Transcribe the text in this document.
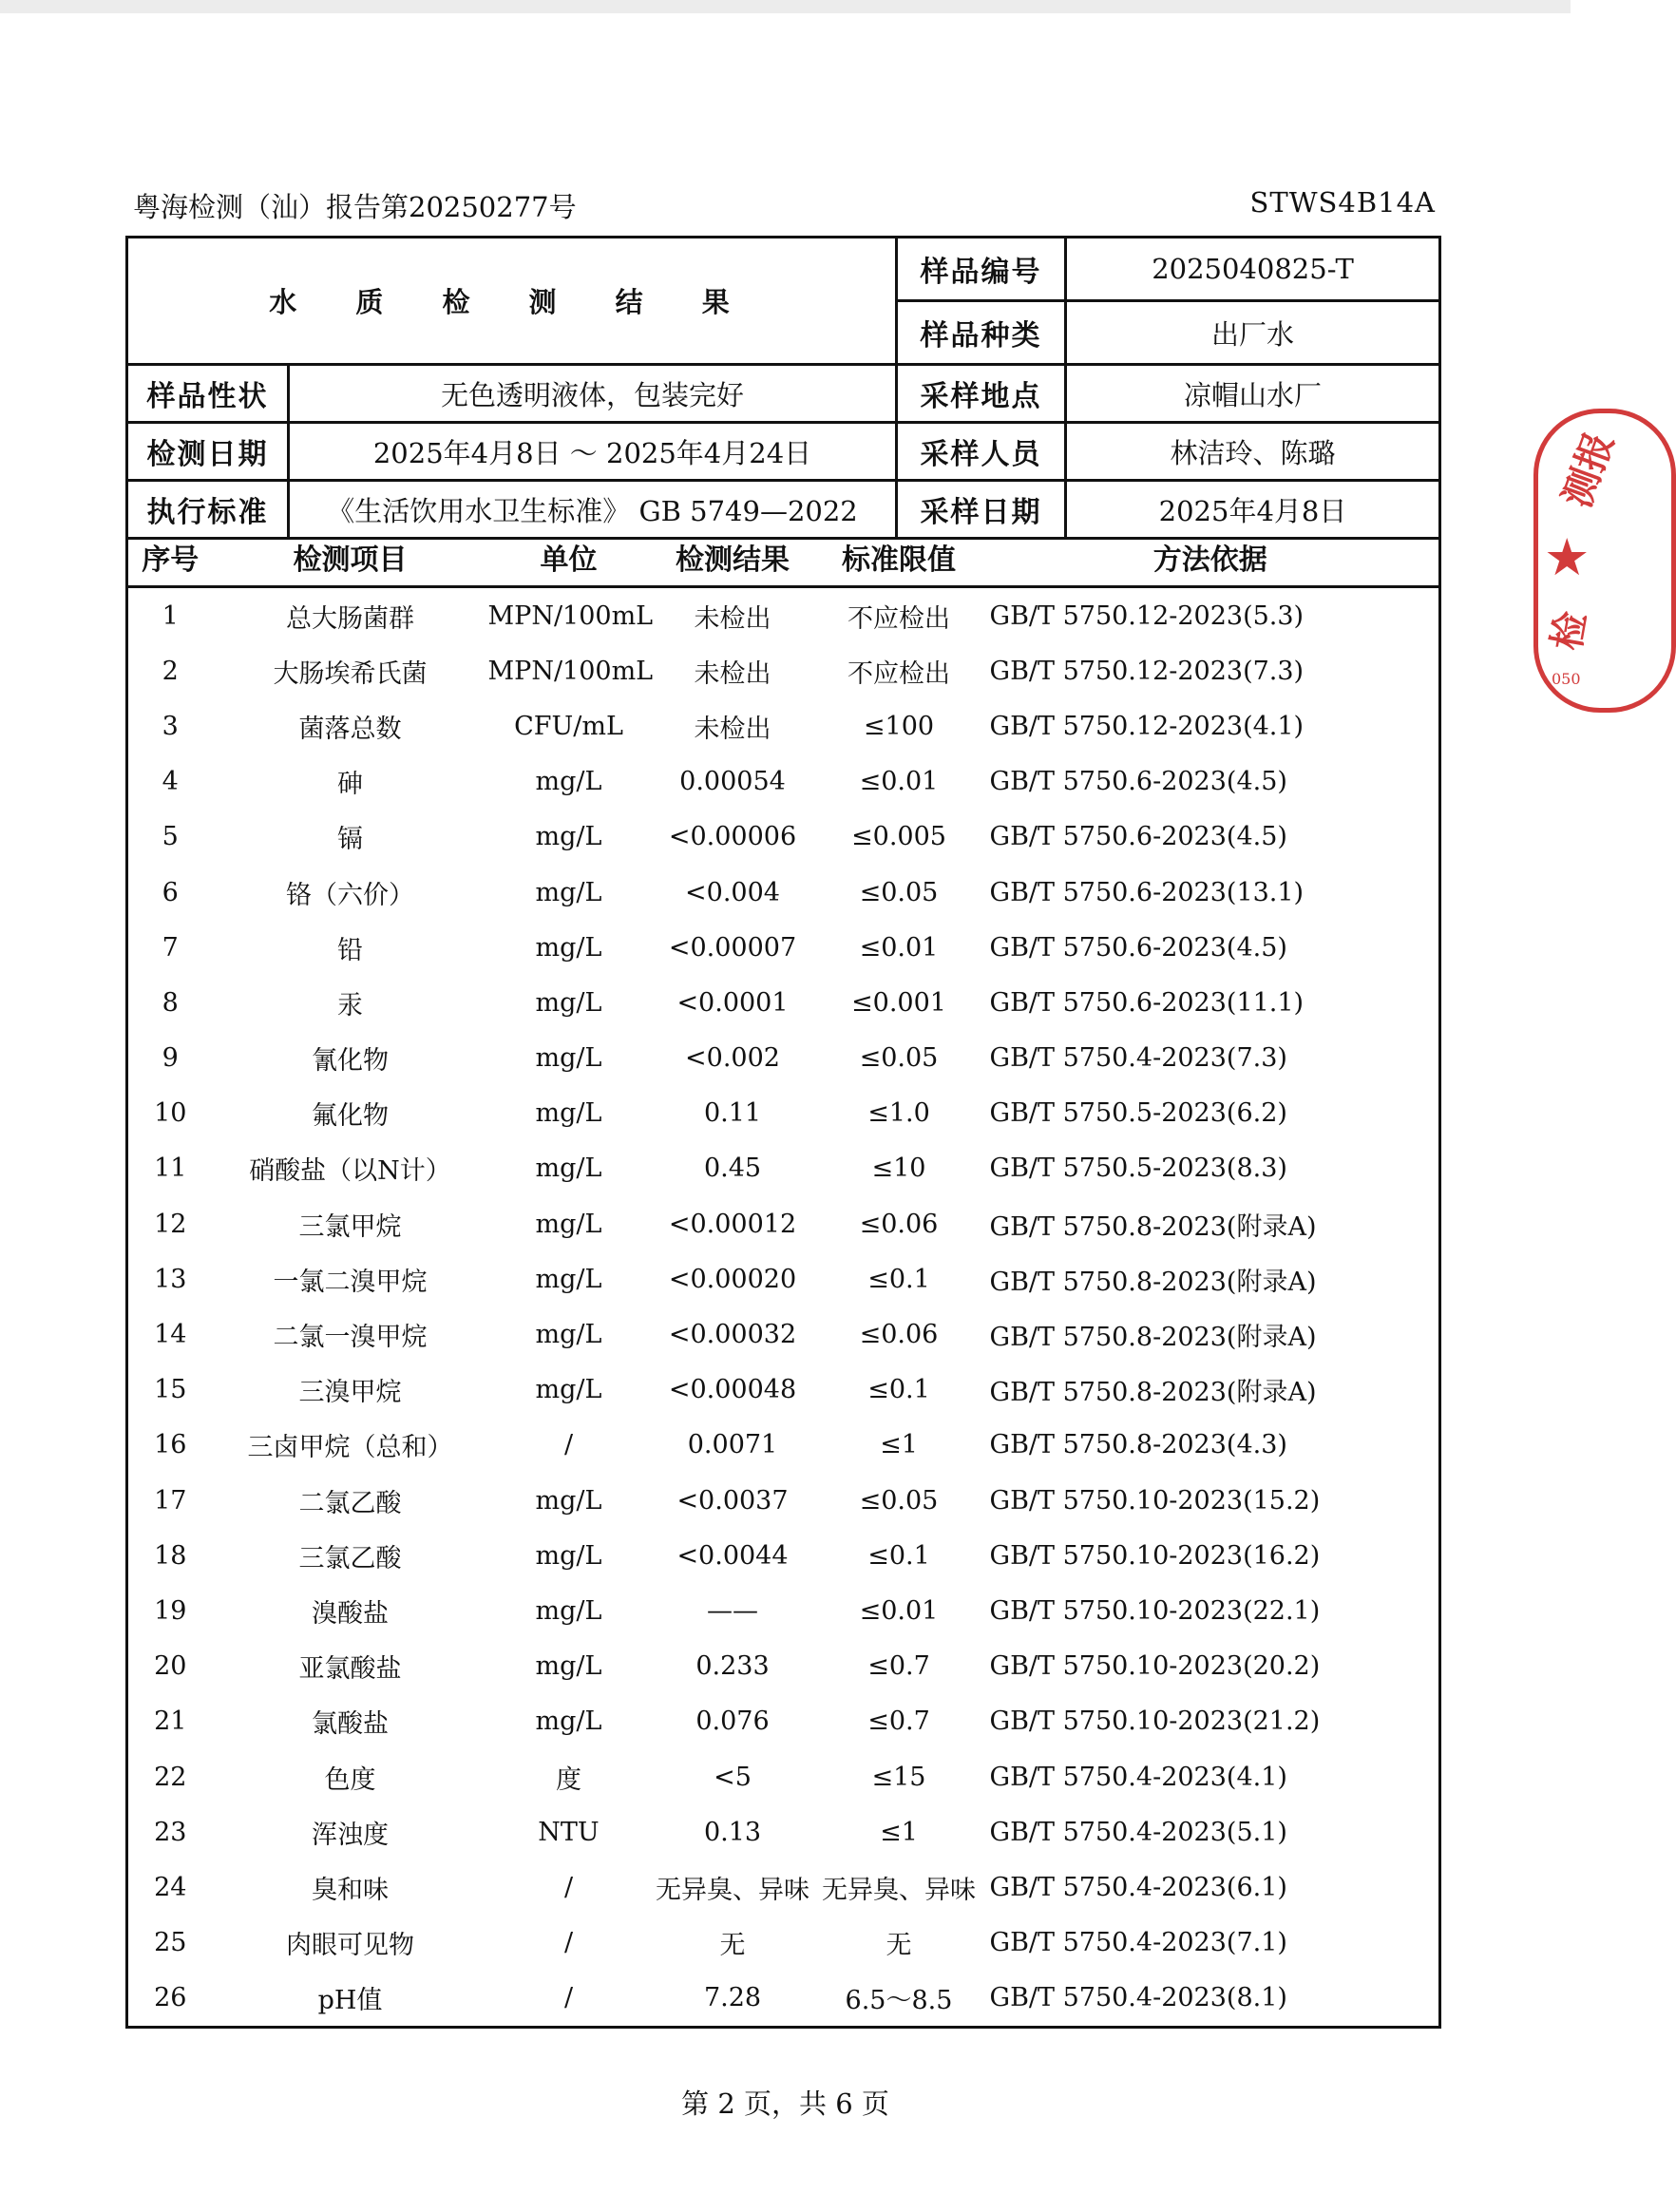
粤海检测（汕）报告第20250277号	STWS4B14A
水 质 检 测 结 果		样品编号	2025040825-T
		样品种类	出厂水
样品性状	无色透明液体，包装完好	采样地点	凉帽山水厂
检测日期	2025年4月8日 ～ 2025年4月24日	采样人员	林洁玲、陈璐
执行标准	《生活饮用水卫生标准》 GB 5749—2022	采样日期	2025年4月8日
序号	检测项目	单位	检测结果	标准限值	方法依据
1	总大肠菌群	MPN/100mL	未检出	不应检出	GB/T 5750.12-2023(5.3)
2	大肠埃希氏菌	MPN/100mL	未检出	不应检出	GB/T 5750.12-2023(7.3)
3	菌落总数	CFU/mL	未检出	≤100	GB/T 5750.12-2023(4.1)
4	砷	mg/L	0.00054	≤0.01	GB/T 5750.6-2023(4.5)
5	镉	mg/L	<0.00006	≤0.005	GB/T 5750.6-2023(4.5)
6	铬（六价）	mg/L	<0.004	≤0.05	GB/T 5750.6-2023(13.1)
7	铅	mg/L	<0.00007	≤0.01	GB/T 5750.6-2023(4.5)
8	汞	mg/L	<0.0001	≤0.001	GB/T 5750.6-2023(11.1)
9	氰化物	mg/L	<0.002	≤0.05	GB/T 5750.4-2023(7.3)
10	氟化物	mg/L	0.11	≤1.0	GB/T 5750.5-2023(6.2)
11	硝酸盐（以N计）	mg/L	0.45	≤10	GB/T 5750.5-2023(8.3)
12	三氯甲烷	mg/L	<0.00012	≤0.06	GB/T 5750.8-2023(附录A)
13	一氯二溴甲烷	mg/L	<0.00020	≤0.1	GB/T 5750.8-2023(附录A)
14	二氯一溴甲烷	mg/L	<0.00032	≤0.06	GB/T 5750.8-2023(附录A)
15	三溴甲烷	mg/L	<0.00048	≤0.1	GB/T 5750.8-2023(附录A)
16	三卤甲烷（总和）	/	0.0071	≤1	GB/T 5750.8-2023(4.3)
17	二氯乙酸	mg/L	<0.0037	≤0.05	GB/T 5750.10-2023(15.2)
18	三氯乙酸	mg/L	<0.0044	≤0.1	GB/T 5750.10-2023(16.2)
19	溴酸盐	mg/L	——	≤0.01	GB/T 5750.10-2023(22.1)
20	亚氯酸盐	mg/L	0.233	≤0.7	GB/T 5750.10-2023(20.2)
21	氯酸盐	mg/L	0.076	≤0.7	GB/T 5750.10-2023(21.2)
22	色度	度	<5	≤15	GB/T 5750.4-2023(4.1)
23	浑浊度	NTU	0.13	≤1	GB/T 5750.4-2023(5.1)
24	臭和味	/	无异臭、异味	无异臭、异味	GB/T 5750.4-2023(6.1)
25	肉眼可见物	/	无	无	GB/T 5750.4-2023(7.1)
26	pH值	/	7.28	6.5～8.5	GB/T 5750.4-2023(8.1)
第 2 页，共 6 页
测报
★
检
050
